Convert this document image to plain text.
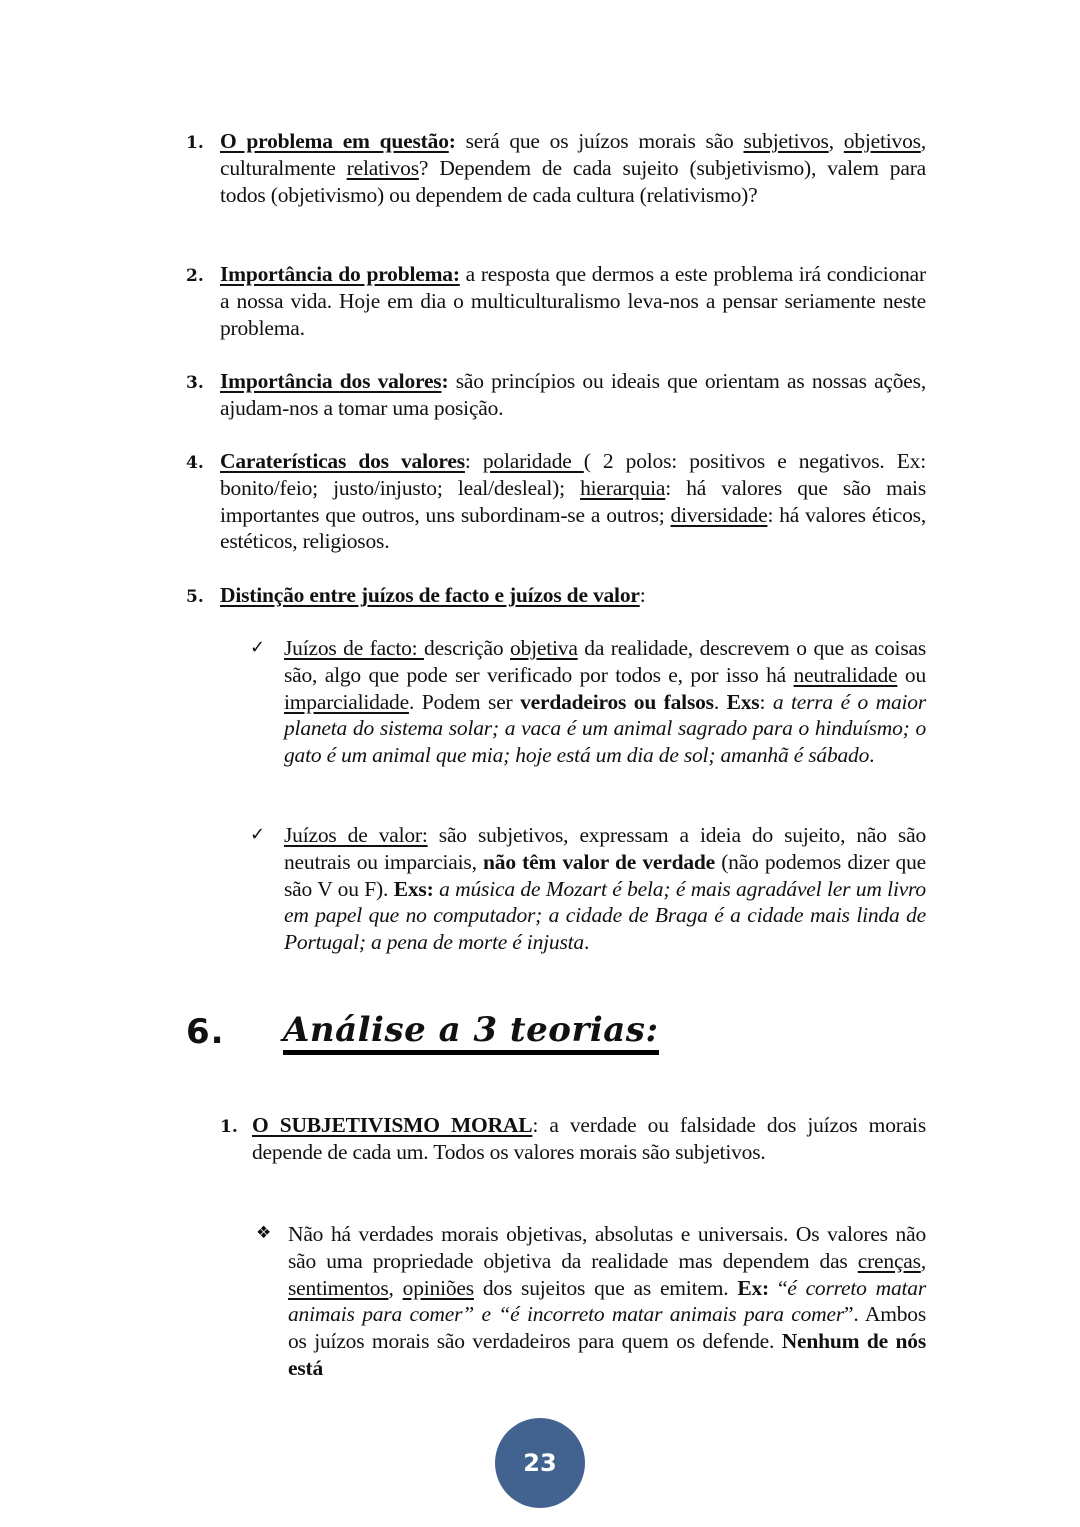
1. O problema em questão: será que os juízos morais são subjetivos, objetivos, culturalmente relativos? Dependem de cada sujeito (subjetivismo), valem para todos (objetivismo) ou dependem de cada cultura (relativismo)?
2. Importância do problema: a resposta que dermos a este problema irá condicionar a nossa vida. Hoje em dia o multiculturalismo leva-nos a pensar seriamente neste problema.
3. Importância dos valores: são princípios ou ideais que orientam as nossas ações, ajudam-nos a tomar uma posição.
4. Caraterísticas dos valores: polaridade ( 2 polos: positivos e negativos. Ex: bonito/feio; justo/injusto; leal/desleal); hierarquia: há valores que são mais importantes que outros, uns subordinam-se a outros; diversidade: há valores éticos, estéticos, religiosos.
5. Distinção entre juízos de facto e juízos de valor:
✓ Juízos de facto: descrição objetiva da realidade, descrevem o que as coisas são, algo que pode ser verificado por todos e, por isso há neutralidade ou imparcialidade. Podem ser verdadeiros ou falsos. Exs: a terra é o maior planeta do sistema solar; a vaca é um animal sagrado para o hinduísmo; o gato é um animal que mia; hoje está um dia de sol; amanhã é sábado.
✓ Juízos de valor: são subjetivos, expressam a ideia do sujeito, não são neutrais ou imparciais, não têm valor de verdade (não podemos dizer que são V ou F). Exs: a música de Mozart é bela; é mais agradável ler um livro em papel que no computador; a cidade de Braga é a cidade mais linda de Portugal; a pena de morte é injusta.
6. Análise a 3 teorias:
1. O SUBJETIVISMO MORAL: a verdade ou falsidade dos juízos morais depende de cada um. Todos os valores morais são subjetivos.
❖ Não há verdades morais objetivas, absolutas e universais. Os valores não são uma propriedade objetiva da realidade mas dependem das crenças, sentimentos, opiniões dos sujeitos que as emitem. Ex: “é correto matar animais para comer” e “é incorreto matar animais para comer”. Ambos os juízos morais são verdadeiros para quem os defende. Nenhum de nós está
23
